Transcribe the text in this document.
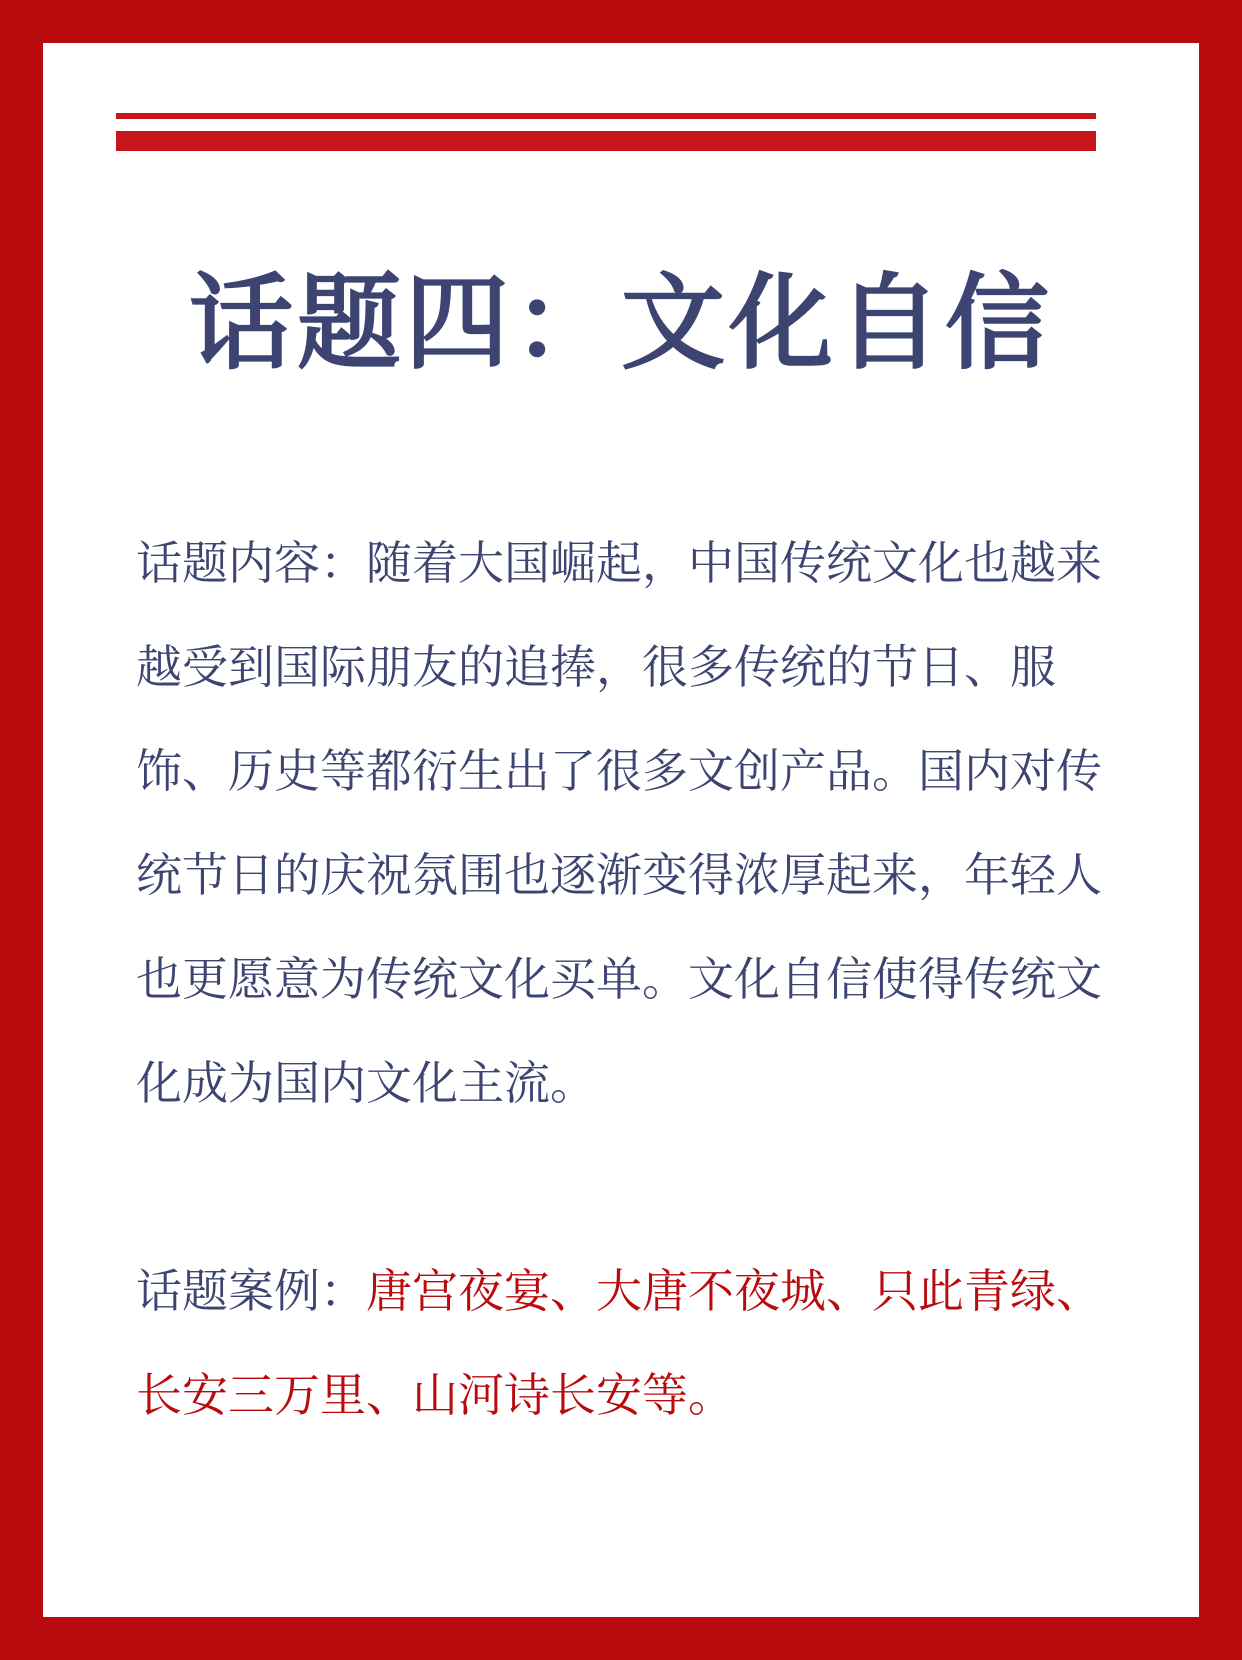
话题四：文化自信

话题内容：随着大国崛起，中国传统文化也越来越受到国际朋友的追捧，很多传统的节日、服饰、历史等都衍生出了很多文创产品。国内对传统节日的庆祝氛围也逐渐变得浓厚起来，年轻人也更愿意为传统文化买单。文化自信使得传统文化成为国内文化主流。

话题案例：唐宫夜宴、大唐不夜城、只此青绿、长安三万里、山河诗长安等。
